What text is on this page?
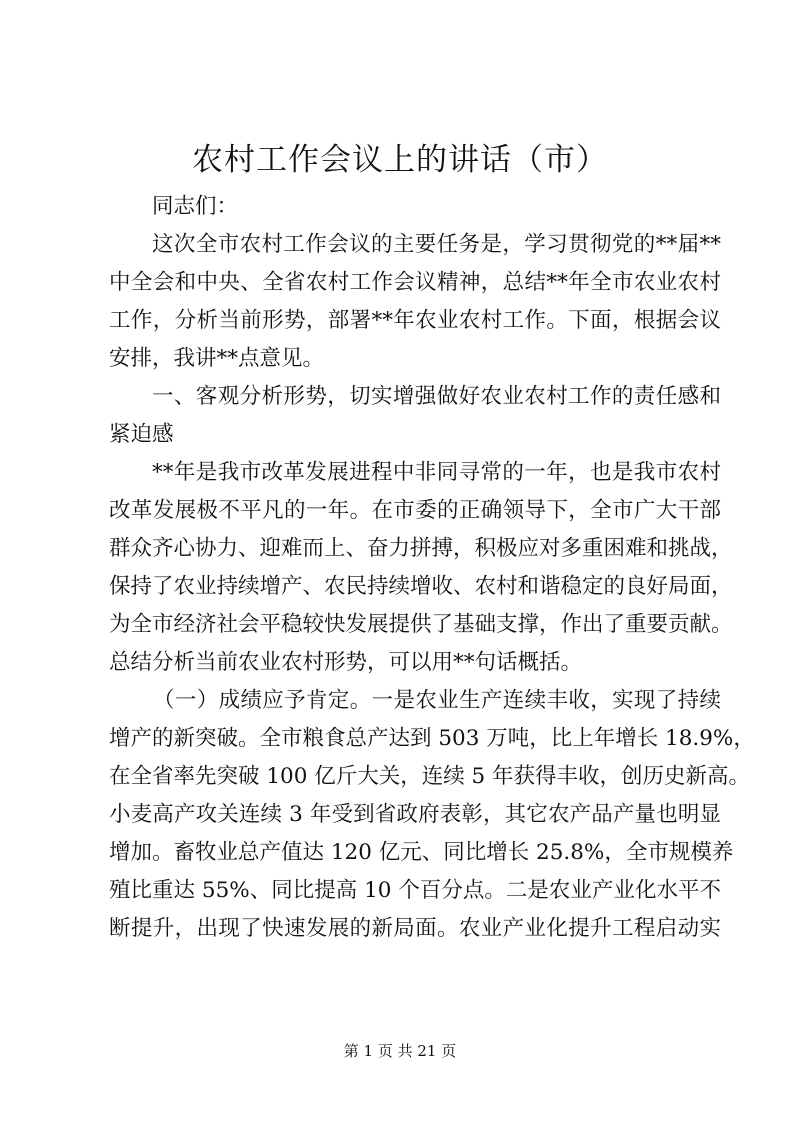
农村工作会议上的讲话（市）
同志们：
这次全市农村工作会议的主要任务是，学习贯彻党的**届**
中全会和中央、全省农村工作会议精神，总结**年全市农业农村
工作，分析当前形势，部署**年农业农村工作。下面，根据会议
安排，我讲**点意见。
一、客观分析形势，切实增强做好农业农村工作的责任感和
紧迫感
**年是我市改革发展进程中非同寻常的一年，也是我市农村
改革发展极不平凡的一年。在市委的正确领导下，全市广大干部
群众齐心协力、迎难而上、奋力拼搏，积极应对多重困难和挑战，
保持了农业持续增产、农民持续增收、农村和谐稳定的良好局面，
为全市经济社会平稳较快发展提供了基础支撑，作出了重要贡献。
总结分析当前农业农村形势，可以用**句话概括。
（一）成绩应予肯定。一是农业生产连续丰收，实现了持续
增产的新突破。全市粮食总产达到 503 万吨，比上年增长 18.9%，
在全省率先突破 100 亿斤大关，连续 5 年获得丰收，创历史新高。
小麦高产攻关连续 3 年受到省政府表彰，其它农产品产量也明显
增加。畜牧业总产值达 120 亿元、同比增长 25.8%，全市规模养
殖比重达 55%、同比提高 10 个百分点。二是农业产业化水平不
断提升，出现了快速发展的新局面。农业产业化提升工程启动实
第 1 页 共 21 页
